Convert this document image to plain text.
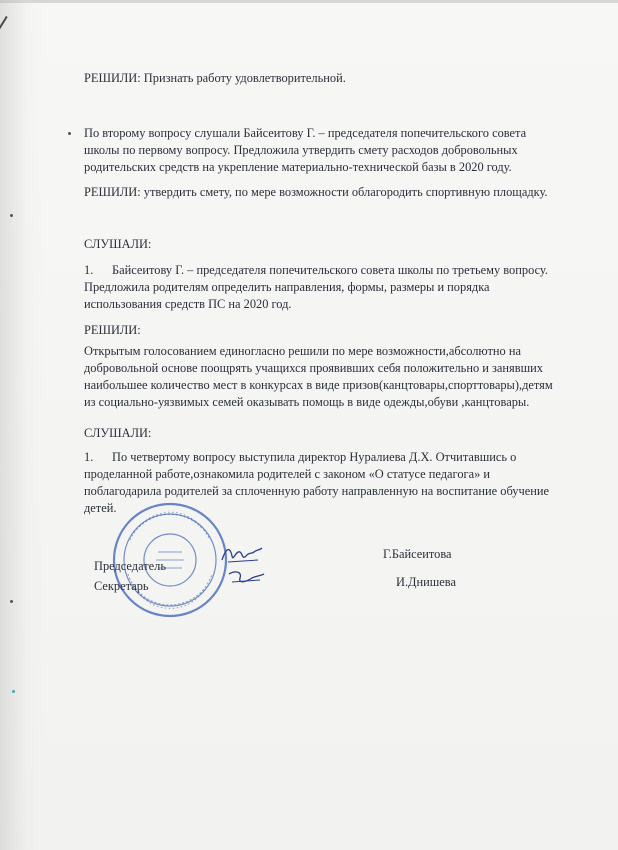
РЕШИЛИ: Признать работу удовлетворительной.

По второму вопросу слушали Байсеитову Г. – председателя попечительского совета школы по первому вопросу. Предложила утвердить смету расходов добровольных родительских средств на укрепление материально-технической базы в 2020 году.

РЕШИЛИ: утвердить смету, по мере возможности облагородить спортивную площадку.

СЛУШАЛИ:

1. Байсеитову Г. – председателя попечительского совета школы по третьему вопросу. Предложила родителям определить направления, формы, размеры и порядка использования средств ПС на 2020 год.

РЕШИЛИ:

Открытым голосованием единогласно решили по мере возможности,абсолютно на добровольной основе поощрять учащихся проявивших себя положительно и занявших наибольшее количество мест в конкурсах в виде призов(канцтовары,спорттовары),детям из социально-уязвимых семей оказывать помощь в виде одежды,обуви ,канцтовары.

СЛУШАЛИ:

1. По четвертому вопросу выступила директор Нуралиева Д.Х. Отчитавшись о проделанной работе,ознакомила родителей с законом «О статусе педагога» и поблагодарила родителей за сплоченную работу направленную на воспитание обучение детей.

Председатель
Г.Байсеитова
Секретарь	И.Днишева
